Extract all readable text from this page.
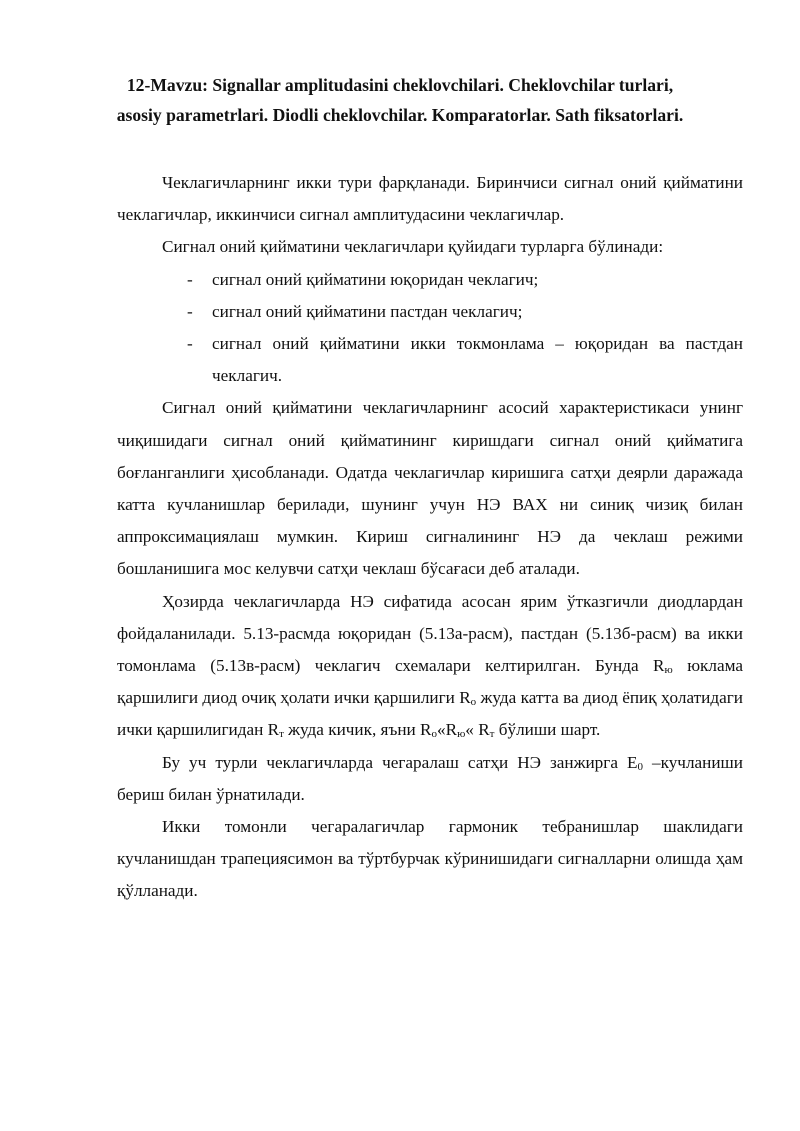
12-Mavzu: Signallar amplitudasini cheklovchilari. Cheklovchilar turlari,
asosiy parametrlari. Diodli cheklovchilar. Komparatorlar. Sath fiksatorlari.

Чеклагичларнинг икки тури фарқланади. Биринчиси сигнал оний қийматини чеклагичлар, иккинчиси сигнал амплитудасини чеклагичлар.

Сигнал оний қийматини чеклагичлари қуйидаги турларга бўлинади:

- сигнал оний қийматини юқоридан чеклагич;

- сигнал оний қийматини пастдан чеклагич;

- сигнал оний қийматини икки токмонлама – юқоридан ва пастдан чеклагич.

Сигнал оний қийматини чеклагичларнинг асосий характеристикаси унинг чиқишидаги сигнал оний қийматининг киришдаги сигнал оний қийматига боғланганлиги ҳисобланади. Одатда чеклагичлар киришига сатҳи деярли даражада катта кучланишлар берилади, шунинг учун НЭ ВАХ ни синиқ чизиқ билан аппроксимациялаш мумкин. Кириш сигналининг НЭ да чеклаш режими бошланишига мос келувчи сатҳи чеклаш бўсағаси деб аталади.

Ҳозирда чеклагичларда НЭ сифатида асосан ярим ўтказгичли диодлардан фойдаланилади. 5.13-расмда юқоридан (5.13а-расм), пастдан (5.13б-расм) ва икки томонлама (5.13в-расм) чеклагич схемалари келтирилган. Бунда Rю юклама қаршилиги диод очиқ ҳолати ички қаршилиги Rо жуда катта ва диод ёпиқ ҳолатидаги ички қаршилигидан Rт жуда кичик, яъни Rо«Rю« Rт бўлиши шарт.

Бу уч турли чеклагичларда чегаралаш сатҳи НЭ занжирга Е0 –кучланиши бериш билан ўрнатилади.

Икки томонли чегаралагичлар гармоник тебранишлар шаклидаги кучланишдан трапециясимон ва тўртбурчак кўринишидаги сигналларни олишда ҳам қўлланади.
